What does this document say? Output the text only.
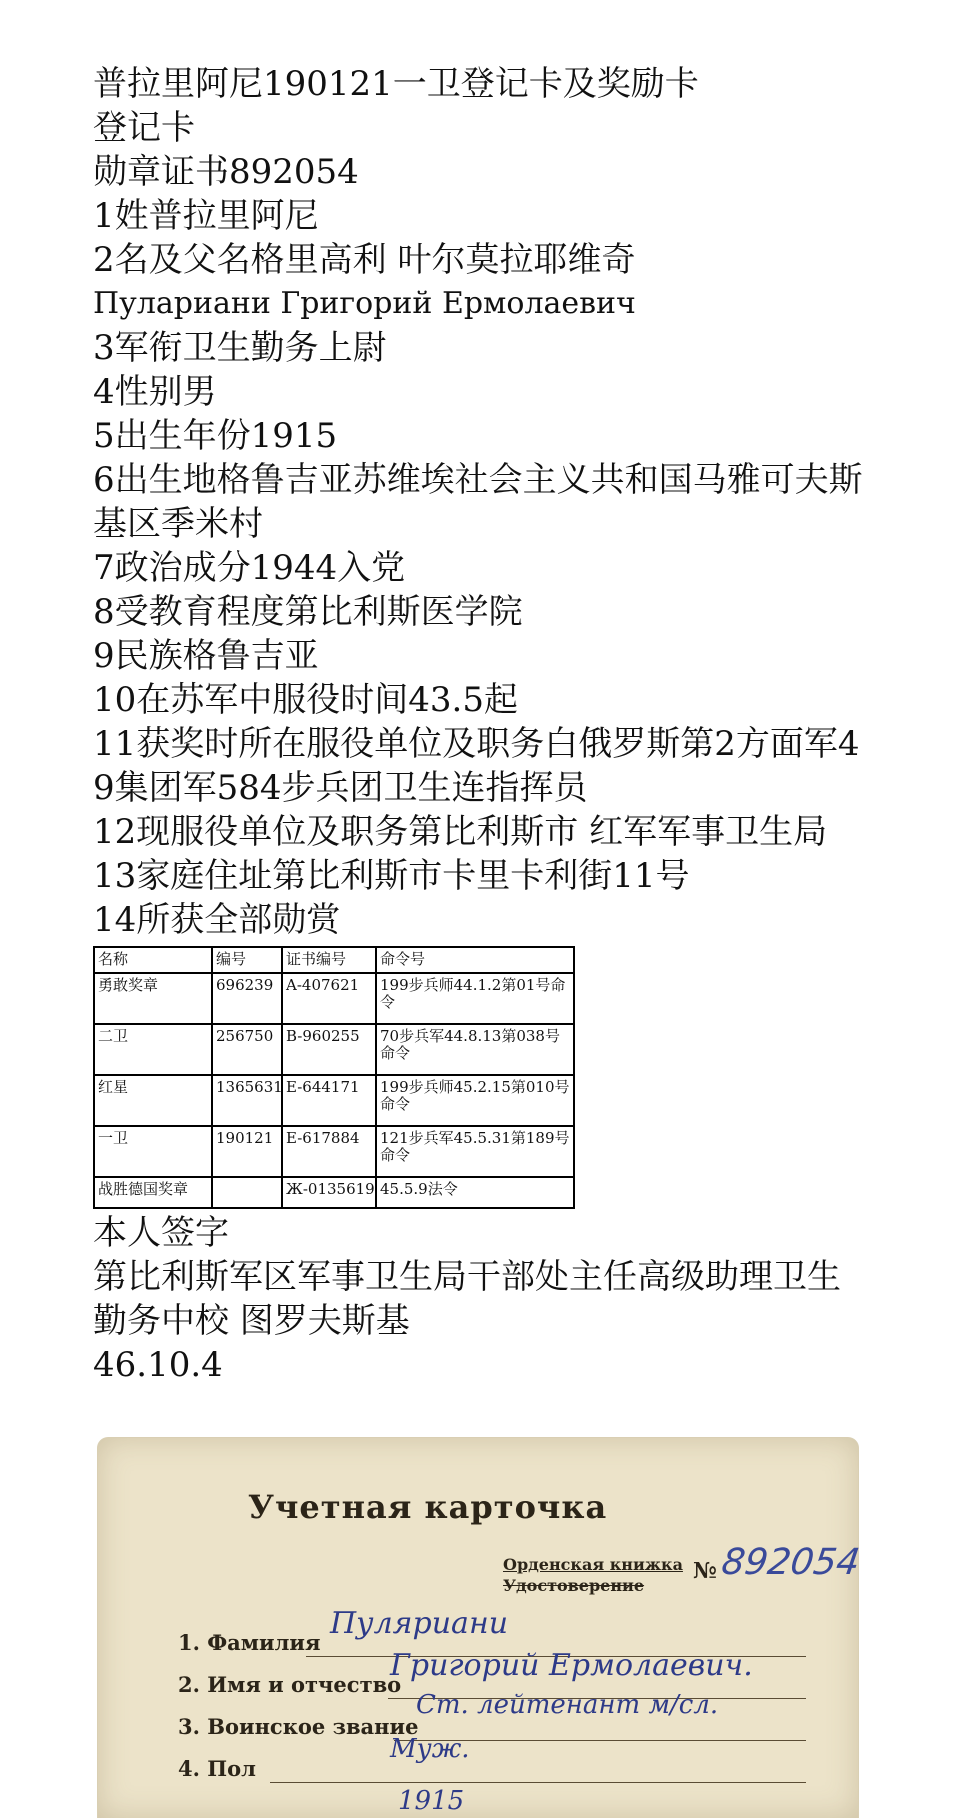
普拉里阿尼190121一卫登记卡及奖励卡

登记卡

勋章证书892054

1姓普拉里阿尼

2名及父名格里高利 叶尔莫拉耶维奇

Пулариани Григорий Ермолаевич

3军衔卫生勤务上尉

4性别男

5出生年份1915

6出生地格鲁吉亚苏维埃社会主义共和国马雅可夫斯基区季米村

7政治成分1944入党

8受教育程度第比利斯医学院

9民族格鲁吉亚

10在苏军中服役时间43.5起

11获奖时所在服役单位及职务白俄罗斯第2方面军49集团军584步兵团卫生连指挥员

12现服役单位及职务第比利斯市 红军军事卫生局

13家庭住址第比利斯市卡里卡利街11号

14所获全部勋赏

名称	编号	证书编号	命令号
勇敢奖章	696239	A-407621	199步兵师44.1.2第01号命令
二卫	256750	B-960255	70步兵军44.8.13第038号命令
红星	1365631	E-644171	199步兵师45.2.15第010号命令
一卫	190121	E-617884	121步兵军45.5.31第189号命令
战胜德国奖章		Ж-0135619	45.5.9法令

本人签字

第比利斯军区军事卫生局干部处主任高级助理卫生勤务中校 图罗夫斯基

46.10.4

Учетная карточка
Орденская книжка
Удостоверение
№ 892054
1. Фамилия
Пуляриани
2. Имя и отчество
Григорий Ермолаевич.
3. Воинское звание
Ст. лейтенант м/сл.
4. Пол
Муж.
1915
